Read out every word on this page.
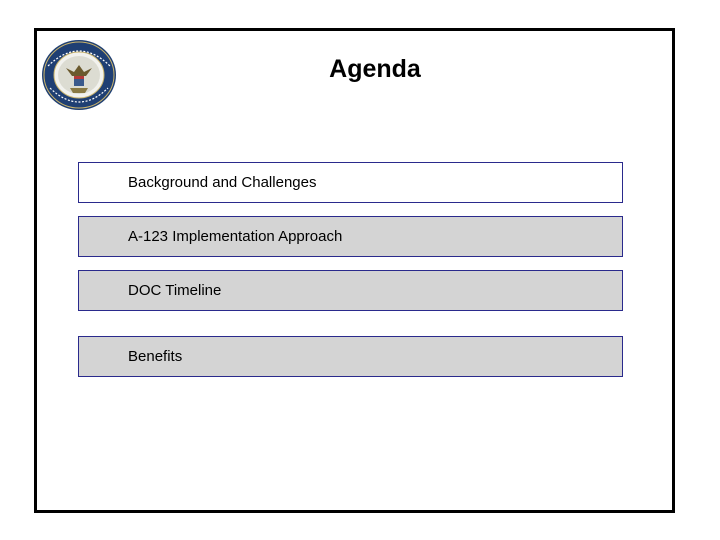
Agenda
Background and Challenges
A-123 Implementation Approach
DOC Timeline
Benefits
